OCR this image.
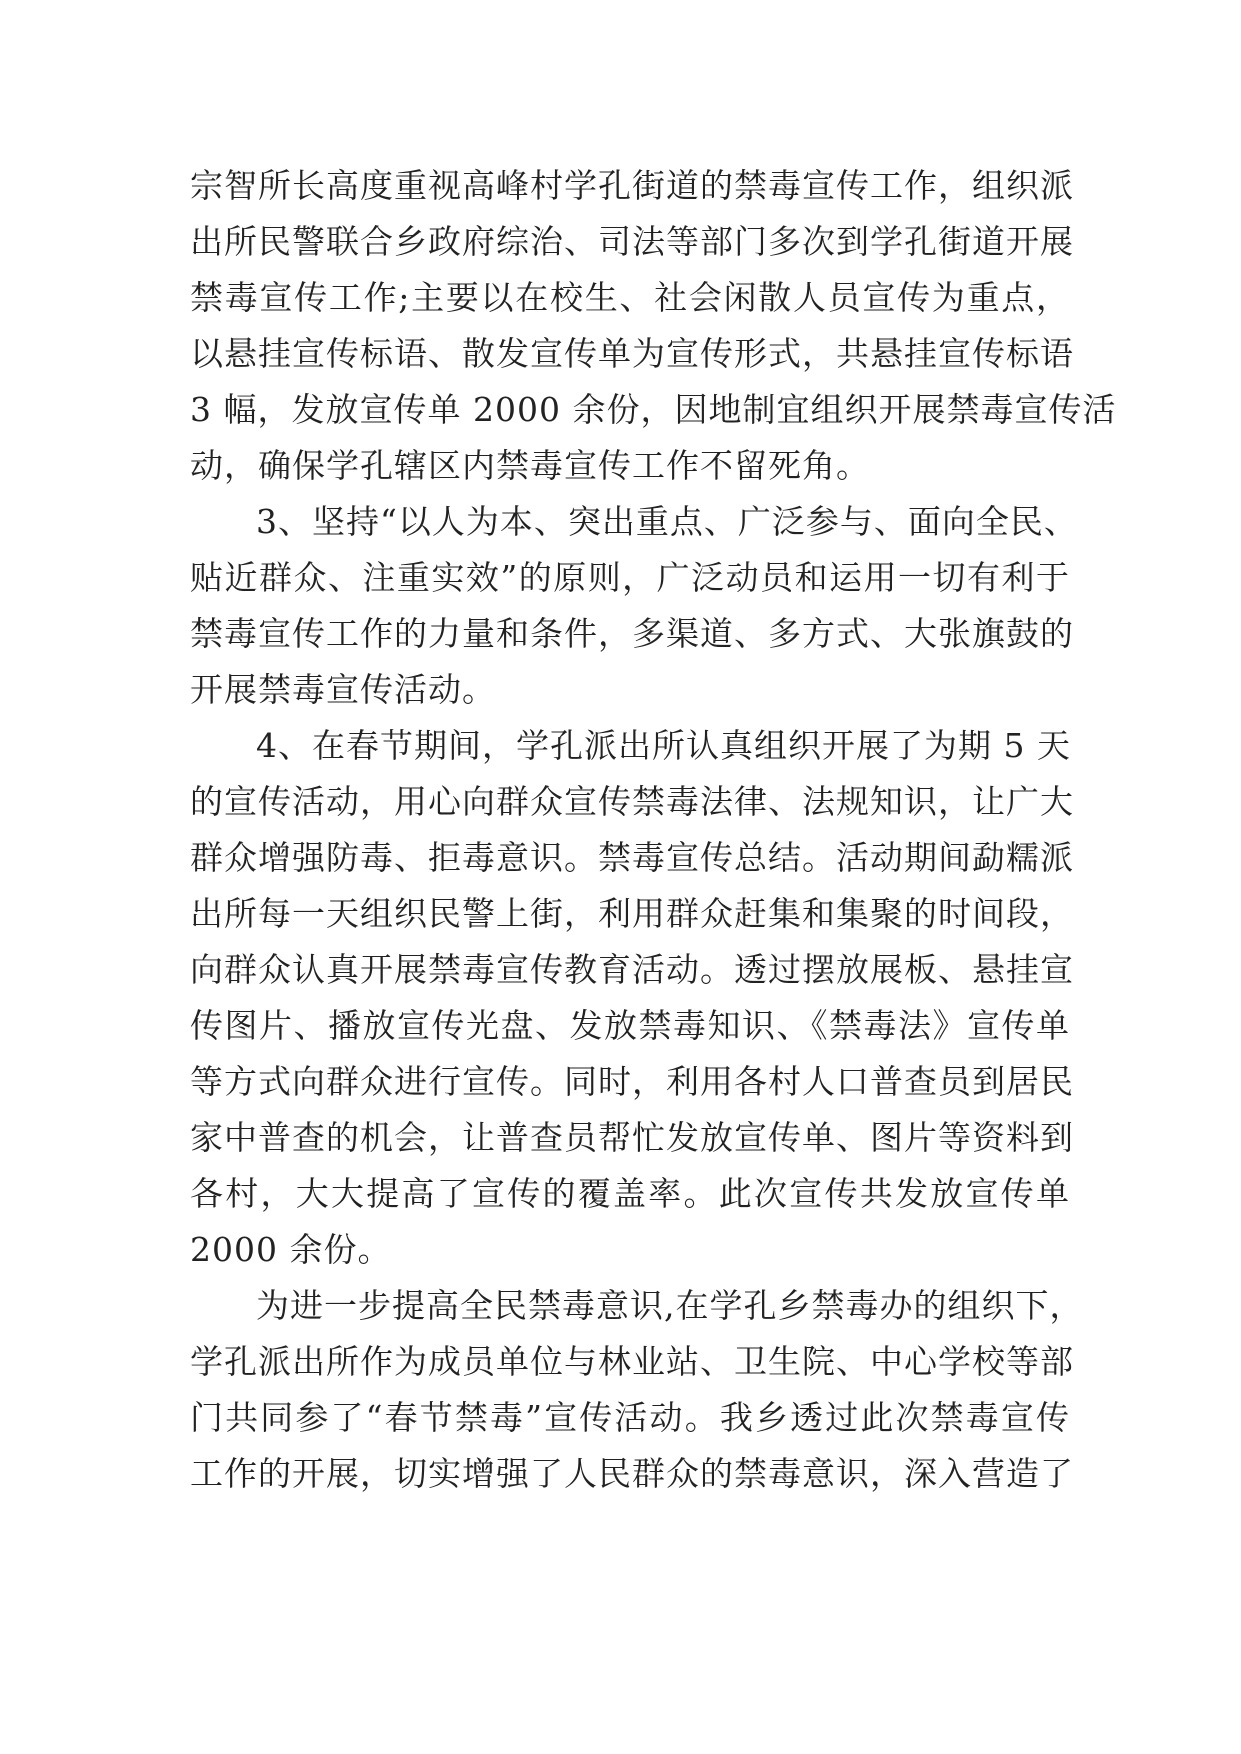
宗智所长高度重视高峰村学孔街道的禁毒宣传工作，组织派
出所民警联合乡政府综治、司法等部门多次到学孔街道开展
禁毒宣传工作;主要以在校生、社会闲散人员宣传为重点，
以悬挂宣传标语、散发宣传单为宣传形式，共悬挂宣传标语
3 幅，发放宣传单 2000 余份，因地制宜组织开展禁毒宣传活
动，确保学孔辖区内禁毒宣传工作不留死角。
3、坚持“以人为本、突出重点、广泛参与、面向全民、
贴近群众、注重实效”的原则，广泛动员和运用一切有利于
禁毒宣传工作的力量和条件，多渠道、多方式、大张旗鼓的
开展禁毒宣传活动。
4、在春节期间，学孔派出所认真组织开展了为期 5 天
的宣传活动，用心向群众宣传禁毒法律、法规知识，让广大
群众增强防毒、拒毒意识。禁毒宣传总结。活动期间勐糯派
出所每一天组织民警上街，利用群众赶集和集聚的时间段，
向群众认真开展禁毒宣传教育活动。透过摆放展板、悬挂宣
传图片、播放宣传光盘、发放禁毒知识、《禁毒法》宣传单
等方式向群众进行宣传。同时，利用各村人口普查员到居民
家中普查的机会，让普查员帮忙发放宣传单、图片等资料到
各村，大大提高了宣传的覆盖率。此次宣传共发放宣传单
2000 余份。
为进一步提高全民禁毒意识,在学孔乡禁毒办的组织下，
学孔派出所作为成员单位与林业站、卫生院、中心学校等部
门共同参了“春节禁毒”宣传活动。我乡透过此次禁毒宣传
工作的开展，切实增强了人民群众的禁毒意识，深入营造了
